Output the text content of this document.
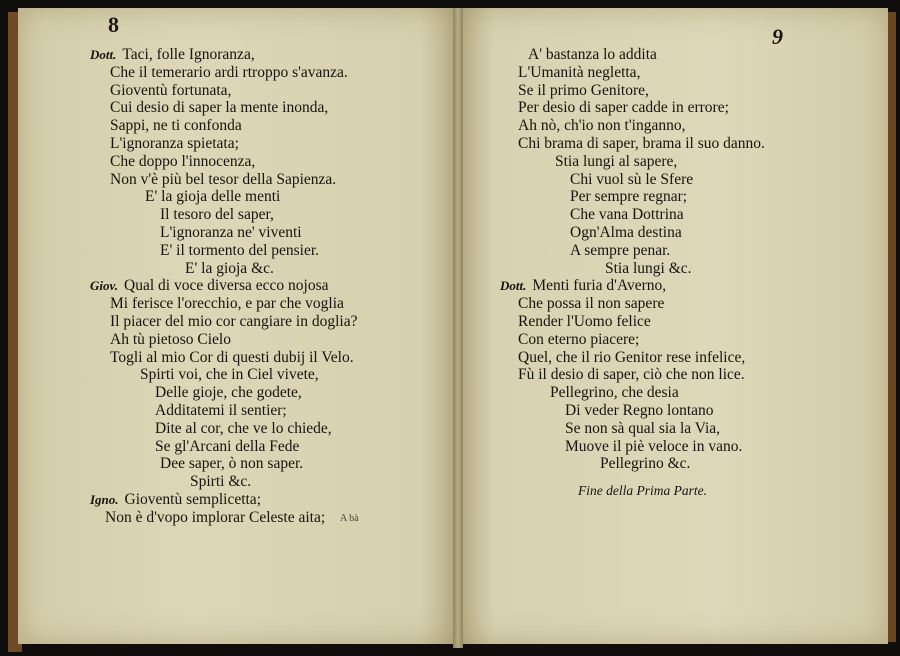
8	9
Dott. Taci, folle Ignoranza,
Che il temerario ardi rtroppo s'avanza.
Gioventù fortunata,
Cui desio di saper la mente inonda,
Sappi, ne ti confonda
L'ignoranza spietata;
Che doppo l'innocenza,
Non v'è più bel tesor della Sapienza.
E' la gioja delle menti
Il tesoro del saper,
L'ignoranza ne' viventi
E' il tormento del pensier.
E' la gioja &c.
Giov. Qual di voce diversa ecco nojosa
Mi ferisce l'orecchio, e par che voglia
Il piacer del mio cor cangiare in doglia?
Ah tù pietoso Cielo
Togli al mio Cor di questi dubij il Velo.
Spirti voi, che in Ciel vivete,
Delle gioje, che godete,
Additatemi il sentier;
Dite al cor, che ve lo chiede,
Se gl'Arcani della Fede
Dee saper, ò non saper.
Spirti &c.
Igno. Gioventù semplicetta;
Non è d'vopo implorar Celeste aita;
A' bastanza lo addita
L'Umanità negletta,
Se il primo Genitore,
Per desio di saper cadde in errore;
Ah nò, ch'io non t'inganno,
Chi brama di saper, brama il suo danno.
Stia lungi al sapere,
Chi vuol sù le Sfere
Per sempre regnar;
Che vana Dottrina
Ogn'Alma destina
A sempre penar.
Stia lungi &c.
Dott. Menti furia d'Averno,
Che possa il non sapere
Render l'Uomo felice
Con eterno piacere;
Quel, che il rio Genitor rese infelice,
Fù il desio di saper, ciò che non lice.
Pellegrino, che desia
Di veder Regno lontano
Se non sà qual sia la Via,
Muove il piè veloce in vano.
Pellegrino &c.
A bà
Fine della Prima Parte.
